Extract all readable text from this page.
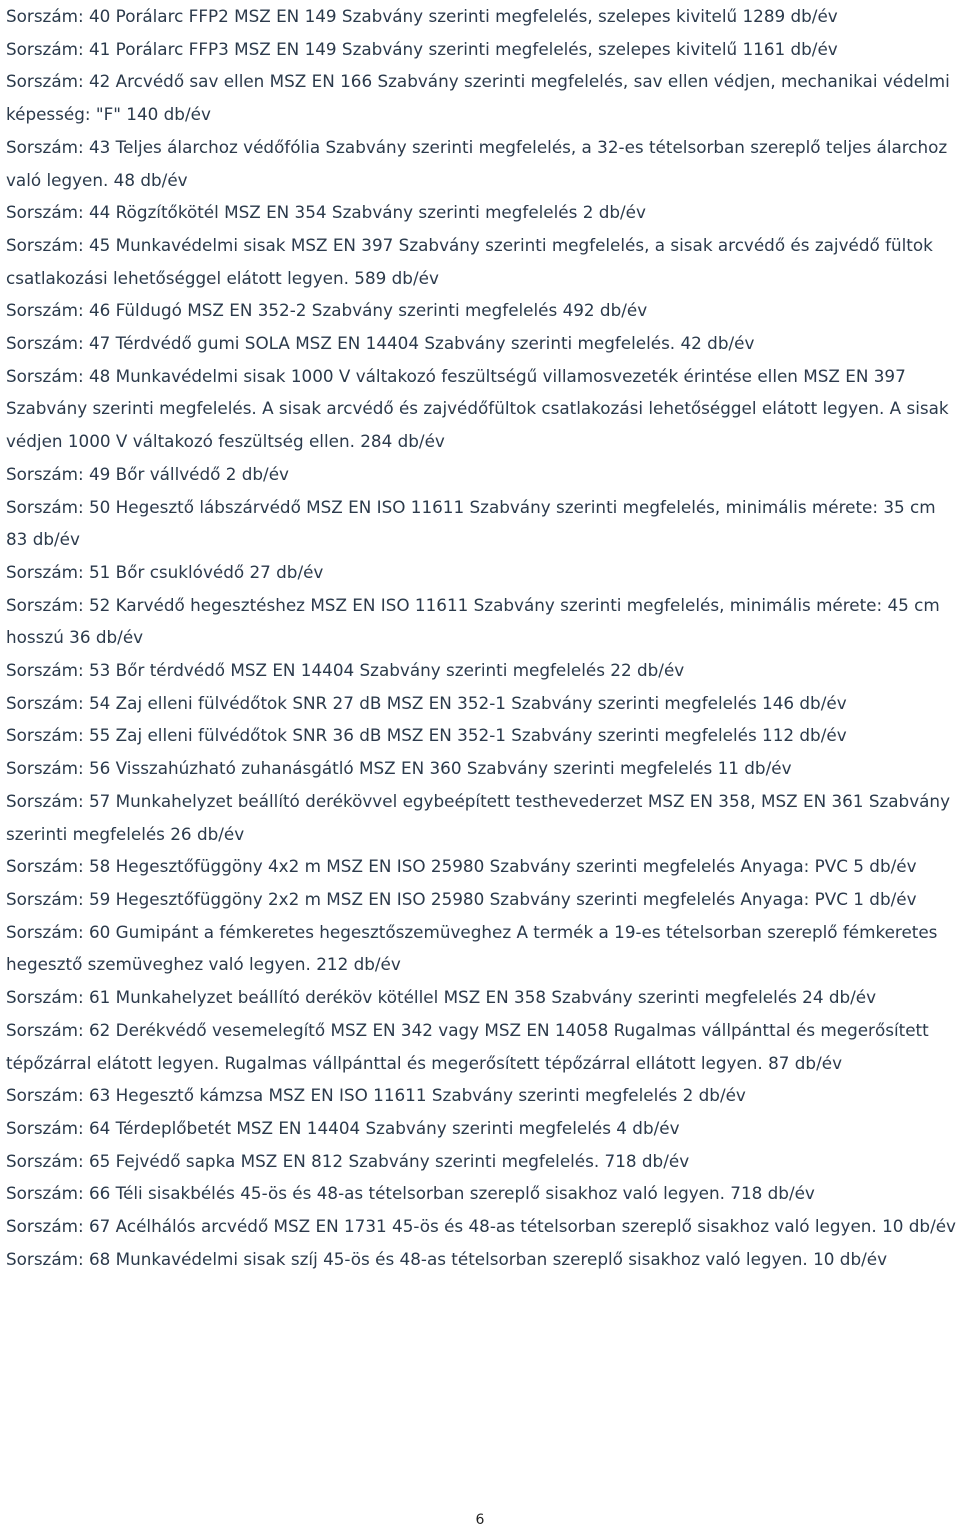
Sorszám: 40 Porálarc FFP2 MSZ EN 149 Szabvány szerinti megfelelés, szelepes kivitelű 1289 db/év
Sorszám: 41 Porálarc FFP3 MSZ EN 149 Szabvány szerinti megfelelés, szelepes kivitelű 1161 db/év
Sorszám: 42 Arcvédő sav ellen MSZ EN 166 Szabvány szerinti megfelelés, sav ellen védjen, mechanikai védelmi képesség: "F" 140 db/év
Sorszám: 43 Teljes álarchoz védőfólia Szabvány szerinti megfelelés, a 32-es tételsorban szereplő teljes álarchoz való legyen. 48 db/év
Sorszám: 44 Rögzítőkötél MSZ EN 354 Szabvány szerinti megfelelés 2 db/év
Sorszám: 45 Munkavédelmi sisak MSZ EN 397 Szabvány szerinti megfelelés, a sisak arcvédő és zajvédő fültok csatlakozási lehetőséggel elátott legyen. 589 db/év
Sorszám: 46 Füldugó MSZ EN 352-2 Szabvány szerinti megfelelés 492 db/év
Sorszám: 47 Térdvédő gumi SOLA MSZ EN 14404 Szabvány szerinti megfelelés. 42 db/év
Sorszám: 48 Munkavédelmi sisak 1000 V váltakozó feszültségű villamosvezeték érintése ellen MSZ EN 397 Szabvány szerinti megfelelés. A sisak arcvédő és zajvédőfültok csatlakozási lehetőséggel elátott legyen. A sisak védjen 1000 V váltakozó feszültség ellen. 284 db/év
Sorszám: 49 Bőr vállvédő 2 db/év
Sorszám: 50 Hegesztő lábszárvédő MSZ EN ISO 11611 Szabvány szerinti megfelelés, minimális mérete: 35 cm 83 db/év
Sorszám: 51 Bőr csuklóvédő 27 db/év
Sorszám: 52 Karvédő hegesztéshez MSZ EN ISO 11611 Szabvány szerinti megfelelés, minimális mérete: 45 cm hosszú 36 db/év
Sorszám: 53 Bőr térdvédő MSZ EN 14404 Szabvány szerinti megfelelés 22 db/év
Sorszám: 54 Zaj elleni fülvédőtok SNR 27 dB MSZ EN 352-1 Szabvány szerinti megfelelés 146 db/év
Sorszám: 55 Zaj elleni fülvédőtok SNR 36 dB MSZ EN 352-1 Szabvány szerinti megfelelés 112 db/év
Sorszám: 56 Visszahúzható zuhanásgátló MSZ EN 360 Szabvány szerinti megfelelés 11 db/év
Sorszám: 57 Munkahelyzet beállító derékövvel egybeépített testhevederzet MSZ EN 358, MSZ EN 361 Szabvány szerinti megfelelés 26 db/év
Sorszám: 58 Hegesztőfüggöny 4x2 m MSZ EN ISO 25980 Szabvány szerinti megfelelés Anyaga: PVC 5 db/év
Sorszám: 59 Hegesztőfüggöny 2x2 m MSZ EN ISO 25980 Szabvány szerinti megfelelés Anyaga: PVC 1 db/év
Sorszám: 60 Gumipánt a fémkeretes hegesztőszemüveghez A termék a 19-es tételsorban szereplő fémkeretes hegesztő szemüveghez való legyen. 212 db/év
Sorszám: 61 Munkahelyzet beállító deréköv kötéllel MSZ EN 358 Szabvány szerinti megfelelés 24 db/év
Sorszám: 62 Derékvédő vesemelegítő MSZ EN 342 vagy MSZ EN 14058 Rugalmas vállpánttal és megerősített tépőzárral elátott legyen. Rugalmas vállpánttal és megerősített tépőzárral ellátott legyen. 87 db/év
Sorszám: 63 Hegesztő kámzsa MSZ EN ISO 11611 Szabvány szerinti megfelelés 2 db/év
Sorszám: 64 Térdeplőbetét MSZ EN 14404 Szabvány szerinti megfelelés 4 db/év
Sorszám: 65 Fejvédő sapka MSZ EN 812 Szabvány szerinti megfelelés. 718 db/év
Sorszám: 66 Téli sisakbélés 45-ös és 48-as tételsorban szereplő sisakhoz való legyen. 718 db/év
Sorszám: 67 Acélhálós arcvédő MSZ EN 1731 45-ös és 48-as tételsorban szereplő sisakhoz való legyen. 10 db/év
Sorszám: 68 Munkavédelmi sisak szíj 45-ös és 48-as tételsorban szereplő sisakhoz való legyen. 10 db/év
6
